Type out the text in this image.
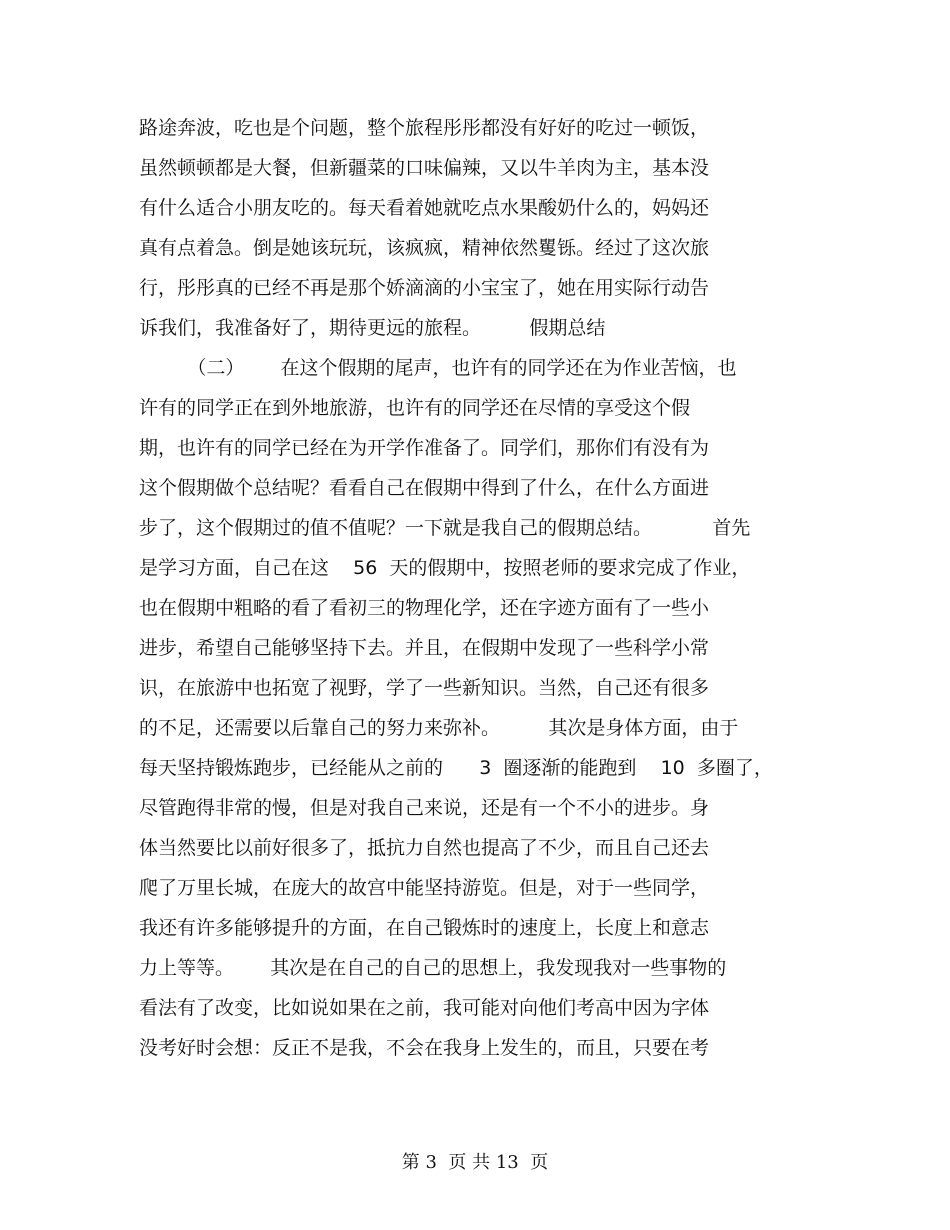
路途奔波，吃也是个问题，整个旅程彤彤都没有好好的吃过一顿饭，
虽然顿顿都是大餐，但新疆菜的口味偏辣，又以牛羊肉为主，基本没
有什么适合小朋友吃的。每天看着她就吃点水果酸奶什么的，妈妈还
真有点着急。倒是她该玩玩，该疯疯，精神依然矍铄。经过了这次旅
行，彤彤真的已经不再是那个娇滴滴的小宝宝了，她在用实际行动告
诉我们，我准备好了，期待更远的旅程。        假期总结
（二）      在这个假期的尾声，也许有的同学还在为作业苦恼，也
许有的同学正在到外地旅游，也许有的同学还在尽情的享受这个假
期，也许有的同学已经在为开学作准备了。同学们，那你们有没有为
这个假期做个总结呢？看看自己在假期中得到了什么，在什么方面进
步了，这个假期过的值不值呢？一下就是我自己的假期总结。          首先
是学习方面，自己在这    56  天的假期中，按照老师的要求完成了作业，
也在假期中粗略的看了看初三的物理化学，还在字迹方面有了一些小
进步，希望自己能够坚持下去。并且，在假期中发现了一些科学小常
识，在旅游中也拓宽了视野，学了一些新知识。当然，自己还有很多
的不足，还需要以后靠自己的努力来弥补。        其次是身体方面，由于
每天坚持锻炼跑步，已经能从之前的      3  圈逐渐的能跑到    10  多圈了，
尽管跑得非常的慢，但是对我自己来说，还是有一个不小的进步。身
体当然要比以前好很多了，抵抗力自然也提高了不少，而且自己还去
爬了万里长城，在庞大的故宫中能坚持游览。但是，对于一些同学，
我还有许多能够提升的方面，在自己锻炼时的速度上，长度上和意志
力上等等。      其次是在自己的自己的思想上，我发现我对一些事物的
看法有了改变，比如说如果在之前，我可能对向他们考高中因为字体
没考好时会想：反正不是我，不会在我身上发生的，而且，只要在考
第 3  页 共 13  页
